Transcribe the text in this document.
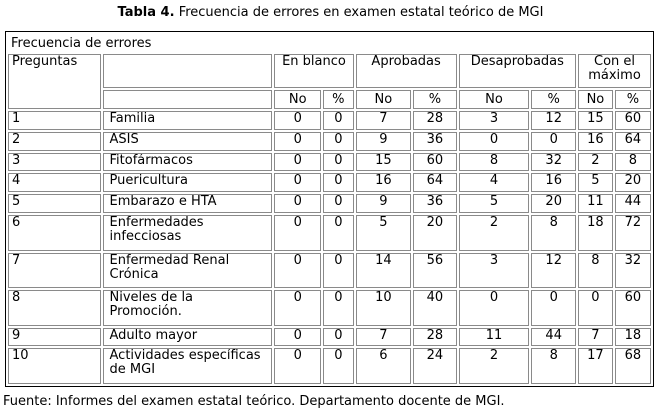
Tabla 4. Frecuencia de errores en examen estatal teórico de MGI
Frecuencia de errores									
Preguntas		En blanco		Aprobadas		Desaprobadas		Con el máximo	
		No	%	No	%	No	%	No	%
1	Familia	0	0	7	28	3	12	15	60
2	ASIS	0	0	9	36	0	0	16	64
3	Fitofármacos	0	0	15	60	8	32	2	8
4	Puericultura	0	0	16	64	4	16	5	20
5	Embarazo e HTA	0	0	9	36	5	20	11	44
6	Enfermedades infecciosas	0	0	5	20	2	8	18	72
7	Enfermedad Renal Crónica	0	0	14	56	3	12	8	32
8	Niveles de la Promoción.	0	0	10	40	0	0	0	60
9	Adulto mayor	0	0	7	28	11	44	7	18
10	Actividades específicas de MGI	0	0	6	24	2	8	17	68
Fuente: Informes del examen estatal teórico. Departamento docente de MGI.
